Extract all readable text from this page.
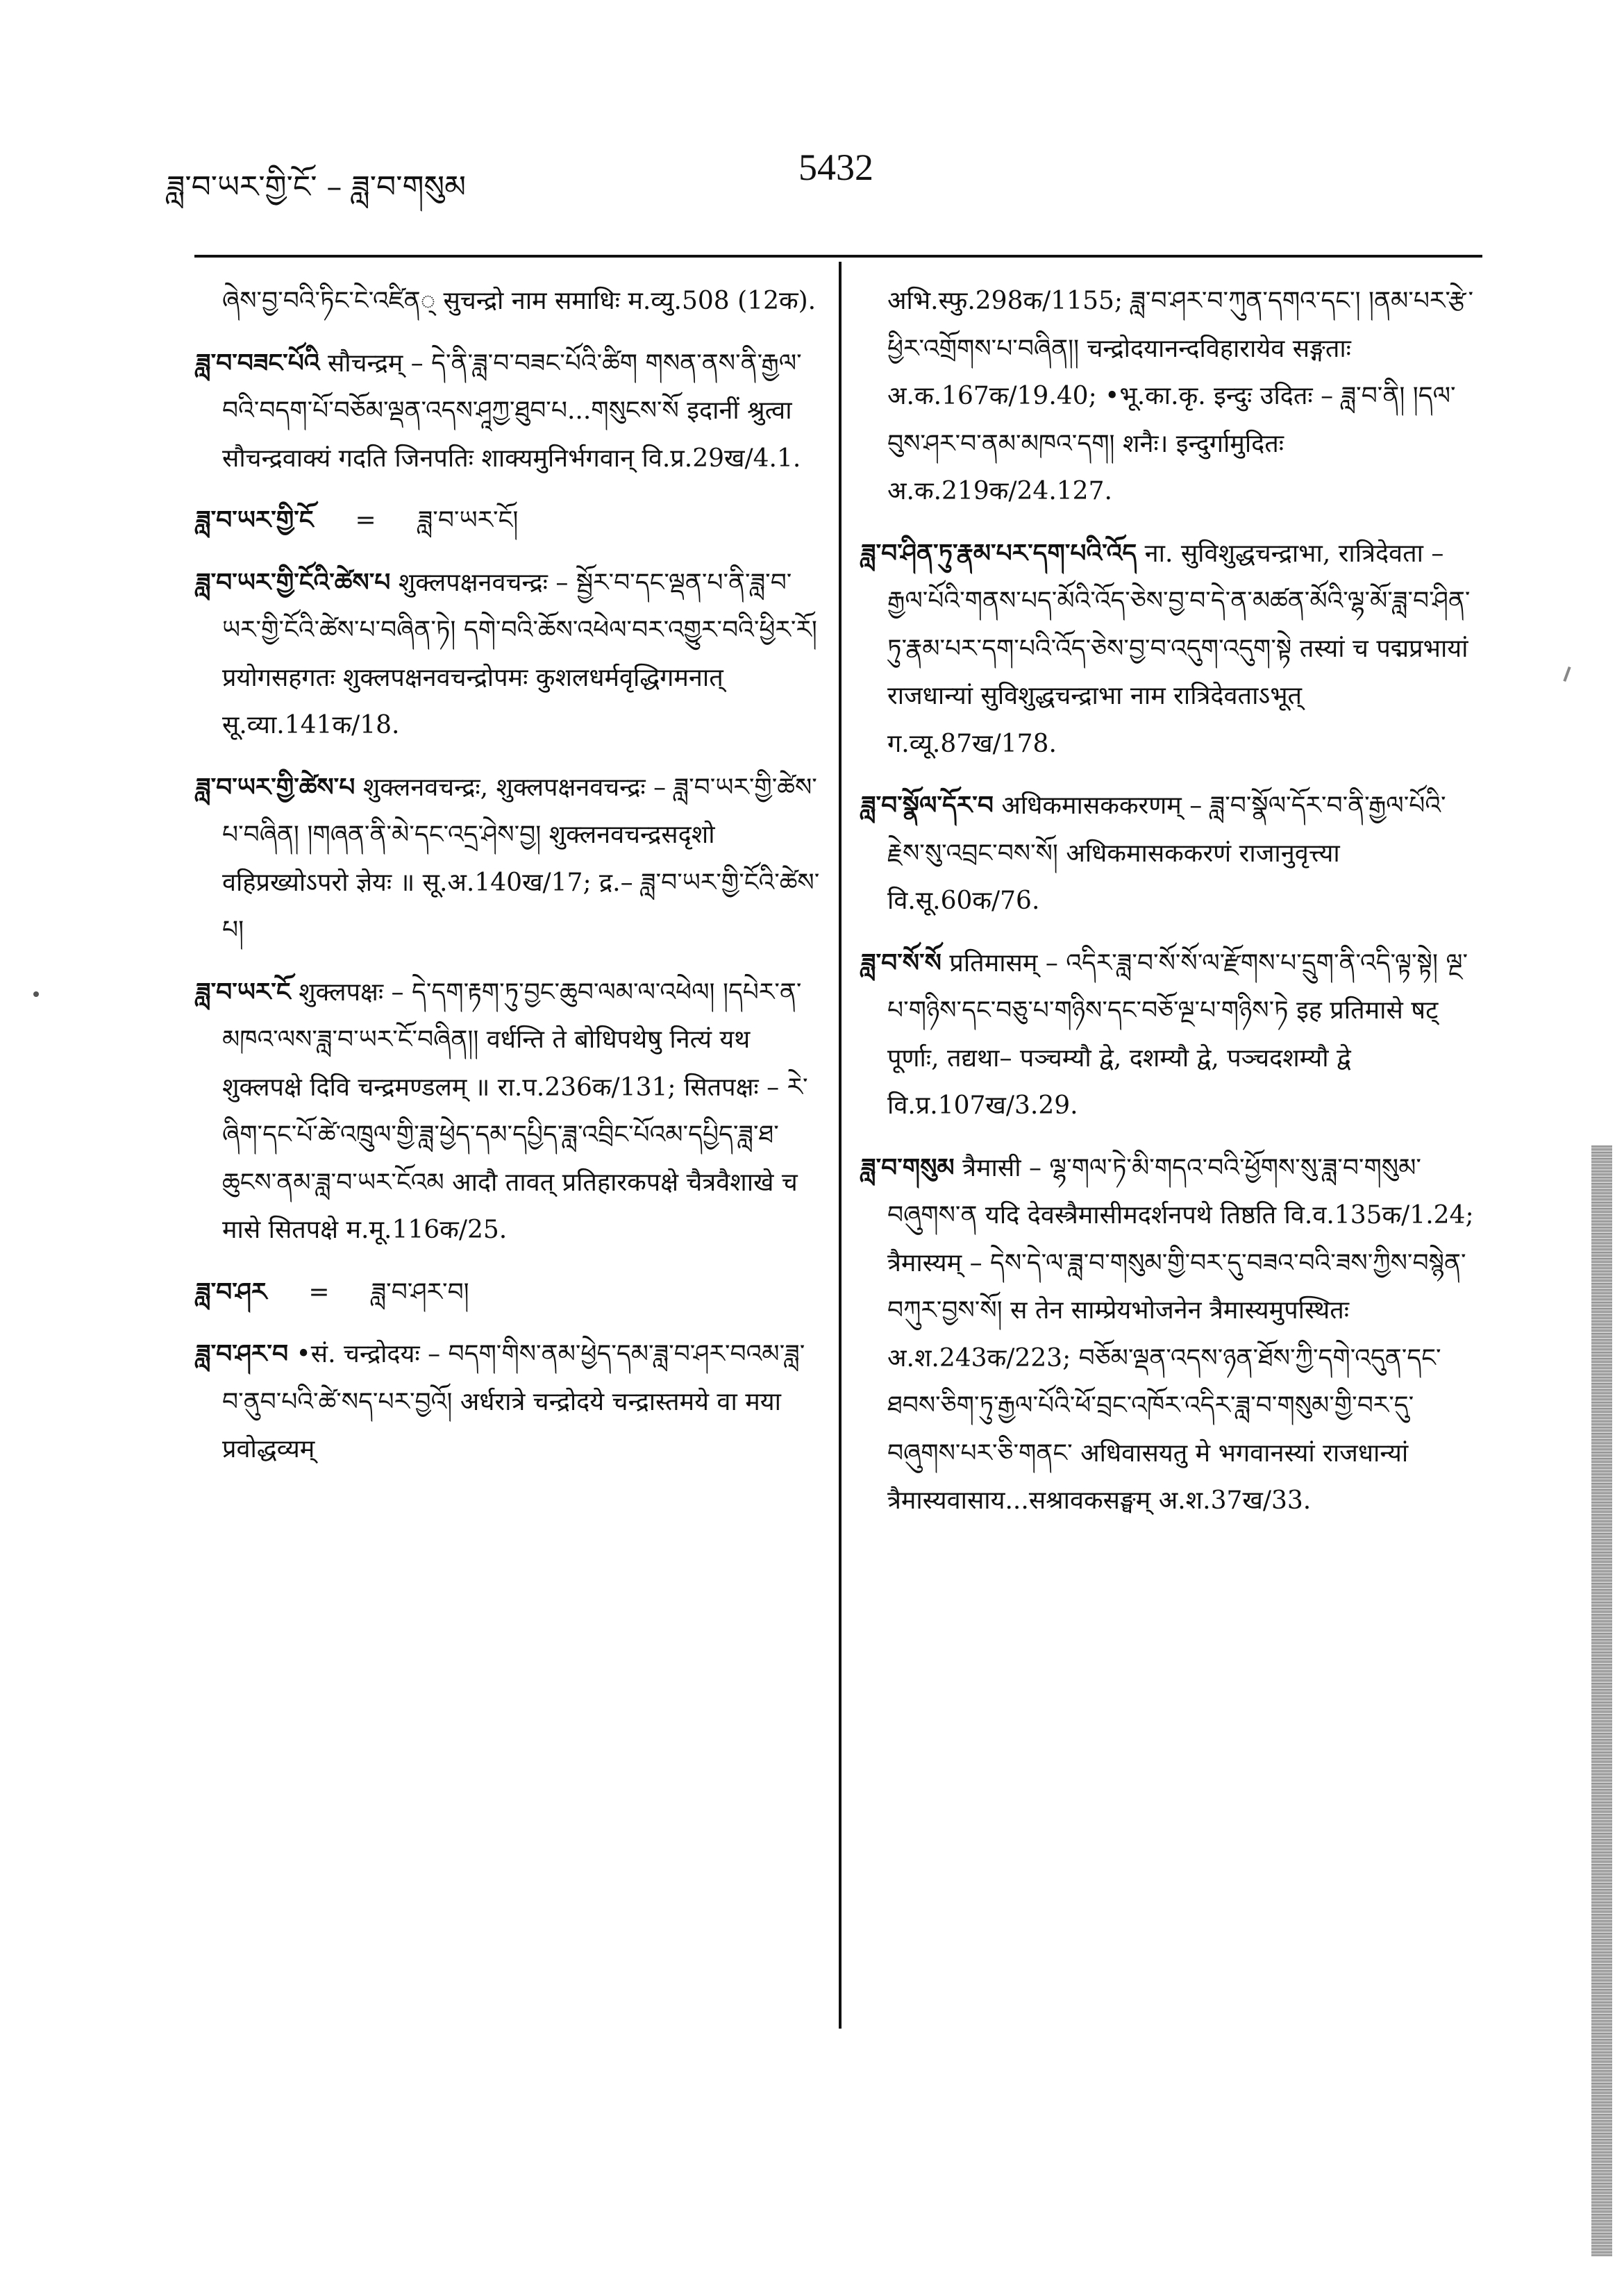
ཟླ་བ་ཡར་གྱི་ངོ་ – ཟླ་བ་གསུམ	5432
ཞེས་བྱ་བའི་ཏིང་ངེ་འཛིན् सुचन्द्रो नाम समाधिः म.व्यु.508 (12क).
ཟླ་བ་བཟང་པོའི सौचन्द्रम् – དེ་ནི་ཟླ་བ་བཟང་པོའི་ཚིག གསན་ནས་ནི་རྒྱལ་བའི་བདག་པོ་བཅོམ་ལྡན་འདས་ཤཱཀྱ་ཐུབ་པ...གསུངས་སོ इदानीं श्रुत्वा सौचन्द्रवाक्यं गदति जिनपतिः शाक्यमुनिर्भगवान् वि.प्र.29ख/4.1.
ཟླ་བ་ཡར་གྱི་ངོ = ཟླ་བ་ཡར་ངོ།
ཟླ་བ་ཡར་གྱི་ངོའི་ཚེས་པ शुक्लपक्षनवचन्द्रः – སྦྱོར་བ་དང་ལྡན་པ་ནི་ཟླ་བ་ཡར་གྱི་ངོའི་ཚེས་པ་བཞིན་ཏེ། དགེ་བའི་ཆོས་འཕེལ་བར་འགྱུར་བའི་ཕྱིར་རོ། प्रयोगसहगतः शुक्लपक्षनवचन्द्रोपमः कुशलधर्मवृद्धिगमनात् सू.व्या.141क/18.
ཟླ་བ་ཡར་གྱི་ཚེས་པ शुक्लनवचन्द्रः, शुक्लपक्षनवचन्द्रः – ཟླ་བ་ཡར་གྱི་ཚེས་པ་བཞིན། །གཞན་ནི་མེ་དང་འདྲ་ཤེས་བྱ། शुक्लनवचन्द्रसदृशो वहिप्रख्योऽपरो ज्ञेयः ॥ सू.अ.140ख/17; द्र.– ཟླ་བ་ཡར་གྱི་ངོའི་ཚེས་པ།
ཟླ་བ་ཡར་ངོ शुक्लपक्षः – དེ་དག་རྟག་ཏུ་བྱང་ཆུབ་ལམ་ལ་འཕེལ། །དཔེར་ན་མཁའ་ལས་ཟླ་བ་ཡར་ངོ་བཞིན།། वर्धन्ति ते बोधिपथेषु नित्यं यथ शुक्लपक्षे दिवि चन्द्रमण्डलम् ॥ रा.प.236क/131; सितपक्षः – རེ་ཞིག་དང་པོ་ཚེ་འཁྲུལ་གྱི་ཟླ་ཕྱེད་དམ་དཔྱིད་ཟླ་འབྲིང་པོའམ་དཔྱིད་ཟླ་ཐ་ཆུངས་ནམ་ཟླ་བ་ཡར་ངོའམ आदौ तावत् प्रतिहारकपक्षे चैत्रवैशाखे च मासे सितपक्षे म.मू.116क/25.
ཟླ་བ་ཤར = ཟླ་བ་ཤར་བ།
ཟླ་བ་ཤར་བ •सं. चन्द्रोदयः – བདག་གིས་ནམ་ཕྱེད་དམ་ཟླ་བ་ཤར་བའམ་ཟླ་བ་ནུབ་པའི་ཚེ་སད་པར་བྱའོ། अर्धरात्रे चन्द्रोदये चन्द्रास्तमये वा मया प्रवोद्धव्यम्
अभि.स्फु.298क/1155; ཟླ་བ་ཤར་བ་ཀུན་དགའ་དང་། །ནམ་པར་རྩེ་ཕྱིར་འགྲོགས་པ་བཞིན།། चन्द्रोदयानन्दविहारायेव सङ्गताः अ.क.167क/19.40; •भू.का.कृ. इन्दुः उदितः – ཟླ་བ་ནི། །དལ་བུས་ཤར་བ་ནམ་མཁའ་དག། शनैः। इन्दुर्गामुदितः अ.क.219क/24.127.
ཟླ་བ་ཤིན་ཏུ་རྣམ་པར་དག་པའི་འོད ना. सुविशुद्धचन्द्राभा, रात्रिदेवता – རྒྱལ་པོའི་གནས་པད་མོའི་འོད་ཅེས་བྱ་བ་དེ་ན་མཚན་མོའི་ལྷ་མོ་ཟླ་བ་ཤིན་ཏུ་རྣམ་པར་དག་པའི་འོད་ཅེས་བྱ་བ་འདུག་འདུག་སྟེ तस्यां च पद्मप्रभायां राजधान्यां सुविशुद्धचन्द्राभा नाम रात्रिदेवताऽभूत् ग.व्यू.87ख/178.
ཟླ་བ་སྣོལ་དོར་བ अधिकमासककरणम् – ཟླ་བ་སྣོལ་དོར་བ་ནི་རྒྱལ་པོའི་རྗེས་སུ་འབྲང་བས་སོ། अधिकमासककरणं राजानुवृत्त्या वि.सू.60क/76.
ཟླ་བ་སོ་སོ प्रतिमासम् – འདིར་ཟླ་བ་སོ་སོ་ལ་རྫོགས་པ་དྲུག་ནི་འདི་ལྟ་སྟེ། ལྔ་པ་གཉིས་དང་བཅུ་པ་གཉིས་དང་བཅོ་ལྔ་པ་གཉིས་ཏེ इह प्रतिमासे षट् पूर्णाः, तद्यथा– पञ्चम्यौ द्वे, दशम्यौ द्वे, पञ्चदशम्यौ द्वे वि.प्र.107ख/3.29.
ཟླ་བ་གསུམ त्रैमासी – ལྷ་གལ་ཏེ་མི་གདའ་བའི་ཕྱོགས་སུ་ཟླ་བ་གསུམ་བཞུགས་ན यदि देवस्त्रैमासीमदर्शनपथे तिष्ठति वि.व.135क/1.24; त्रैमास्यम् – དེས་དེ་ལ་ཟླ་བ་གསུམ་གྱི་བར་དུ་བཟའ་བའི་ཟས་ཀྱིས་བསྙེན་བཀུར་བྱས་སོ། स तेन साम्प्रेयभोजनेन त्रैमास्यमुपस्थितः अ.श.243क/223; བཅོམ་ལྡན་འདས་ཉན་ཐོས་ཀྱི་དགེ་འདུན་དང་ཐབས་ཅིག་ཏུ་རྒྱལ་པོའི་ཕོ་བྲང་འཁོར་འདིར་ཟླ་བ་གསུམ་གྱི་བར་དུ་བཞུགས་པར་ཅི་གནང་ अधिवासयतु मे भगवानस्यां राजधान्यां त्रैमास्यवासाय...सश्रावकसङ्घम् अ.श.37ख/33.
